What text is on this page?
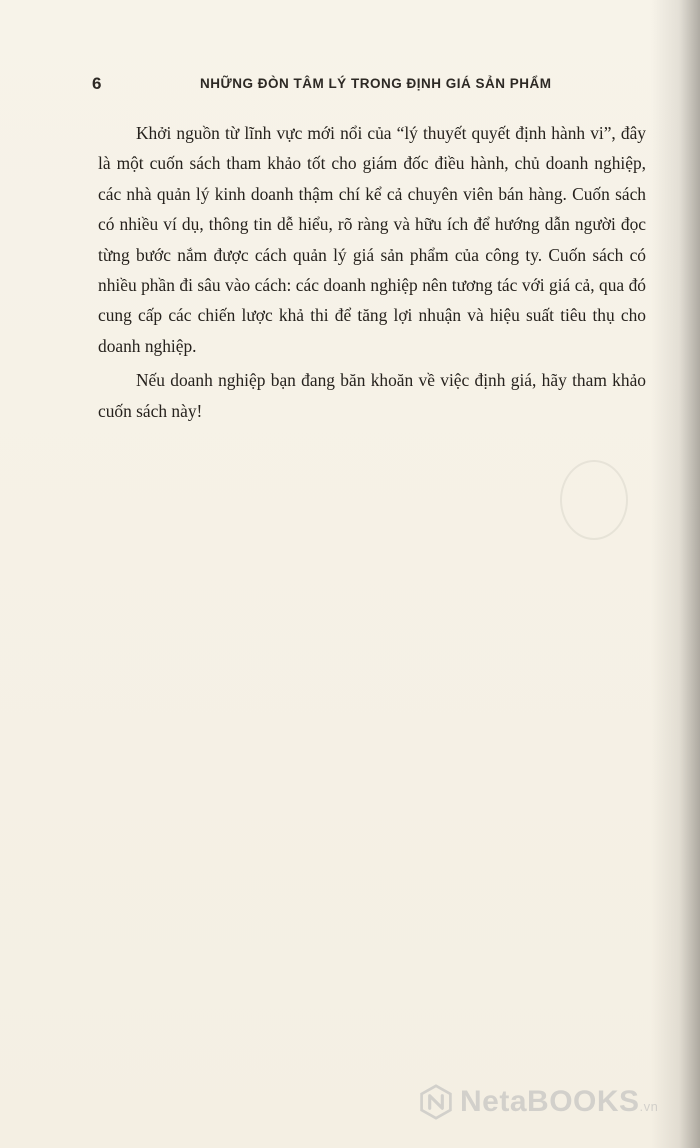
6	NHỮNG ĐÒN TÂM LÝ TRONG ĐỊNH GIÁ SẢN PHẨM

Khởi nguồn từ lĩnh vực mới nổi của “lý thuyết quyết định hành vi”, đây là một cuốn sách tham khảo tốt cho giám đốc điều hành, chủ doanh nghiệp, các nhà quản lý kinh doanh thậm chí kể cả chuyên viên bán hàng. Cuốn sách có nhiều ví dụ, thông tin dễ hiểu, rõ ràng và hữu ích để hướng dẫn người đọc từng bước nắm được cách quản lý giá sản phẩm của công ty. Cuốn sách có nhiều phần đi sâu vào cách: các doanh nghiệp nên tương tác với giá cả, qua đó cung cấp các chiến lược khả thi để tăng lợi nhuận và hiệu suất tiêu thụ cho doanh nghiệp.

Nếu doanh nghiệp bạn đang băn khoăn về việc định giá, hãy tham khảo cuốn sách này!

NetaBOOKS.vn
